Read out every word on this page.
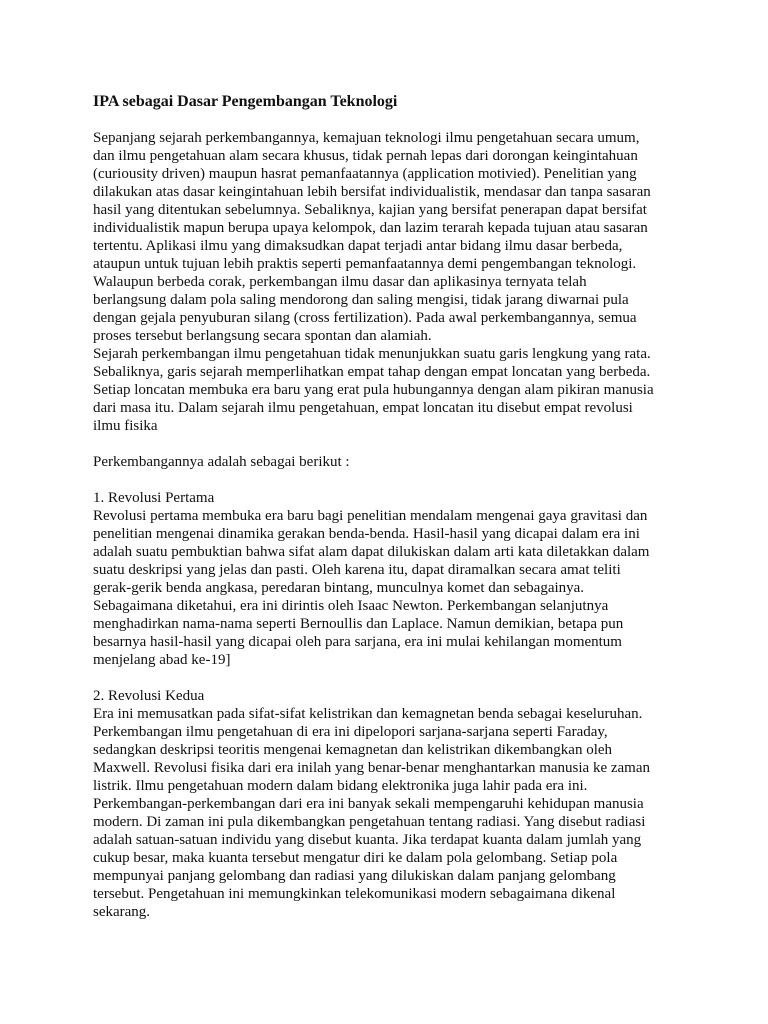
IPA sebagai Dasar Pengembangan Teknologi
Sepanjang sejarah perkembangannya, kemajuan teknologi ilmu pengetahuan secara umum,
dan ilmu pengetahuan alam secara khusus, tidak pernah lepas dari dorongan keingintahuan
(curiousity driven) maupun hasrat pemanfaatannya (application motivied). Penelitian yang
dilakukan atas dasar keingintahuan lebih bersifat individualistik, mendasar dan tanpa sasaran
hasil yang ditentukan sebelumnya. Sebaliknya, kajian yang bersifat penerapan dapat bersifat
individualistik mapun berupa upaya kelompok, dan lazim terarah kepada tujuan atau sasaran
tertentu. Aplikasi ilmu yang dimaksudkan dapat terjadi antar bidang ilmu dasar berbeda,
ataupun untuk tujuan lebih praktis seperti pemanfaatannya demi pengembangan teknologi.
Walaupun berbeda corak, perkembangan ilmu dasar dan aplikasinya ternyata telah
berlangsung dalam pola saling mendorong dan saling mengisi, tidak jarang diwarnai pula
dengan gejala penyuburan silang (cross fertilization). Pada awal perkembangannya, semua
proses tersebut berlangsung secara spontan dan alamiah.
Sejarah perkembangan ilmu pengetahuan tidak menunjukkan suatu garis lengkung yang rata.
Sebaliknya, garis sejarah memperlihatkan empat tahap dengan empat loncatan yang berbeda.
Setiap loncatan membuka era baru yang erat pula hubungannya dengan alam pikiran manusia
dari masa itu. Dalam sejarah ilmu pengetahuan, empat loncatan itu disebut empat revolusi
ilmu fisika

Perkembangannya adalah sebagai berikut :

1. Revolusi Pertama
Revolusi pertama membuka era baru bagi penelitian mendalam mengenai gaya gravitasi dan
penelitian mengenai dinamika gerakan benda-benda. Hasil-hasil yang dicapai dalam era ini
adalah suatu pembuktian bahwa sifat alam dapat dilukiskan dalam arti kata diletakkan dalam
suatu deskripsi yang jelas dan pasti. Oleh karena itu, dapat diramalkan secara amat teliti
gerak-gerik benda angkasa, peredaran bintang, munculnya komet dan sebagainya.
Sebagaimana diketahui, era ini dirintis oleh Isaac Newton. Perkembangan selanjutnya
menghadirkan nama-nama seperti Bernoullis dan Laplace. Namun demikian, betapa pun
besarnya hasil-hasil yang dicapai oleh para sarjana, era ini mulai kehilangan momentum
menjelang abad ke-19]
2. Revolusi Kedua
Era ini memusatkan pada sifat-sifat kelistrikan dan kemagnetan benda sebagai keseluruhan.
Perkembangan ilmu pengetahuan di era ini dipelopori sarjana-sarjana seperti Faraday,
sedangkan deskripsi teoritis mengenai kemagnetan dan kelistrikan dikembangkan oleh
Maxwell. Revolusi fisika dari era inilah yang benar-benar menghantarkan manusia ke zaman
listrik. Ilmu pengetahuan modern dalam bidang elektronika juga lahir pada era ini.
Perkembangan-perkembangan dari era ini banyak sekali mempengaruhi kehidupan manusia
modern. Di zaman ini pula dikembangkan pengetahuan tentang radiasi. Yang disebut radiasi
adalah satuan-satuan individu yang disebut kuanta. Jika terdapat kuanta dalam jumlah yang
cukup besar, maka kuanta tersebut mengatur diri ke dalam pola gelombang. Setiap pola
mempunyai panjang gelombang dan radiasi yang dilukiskan dalam panjang gelombang
tersebut. Pengetahuan ini memungkinkan telekomunikasi modern sebagaimana dikenal
sekarang.
